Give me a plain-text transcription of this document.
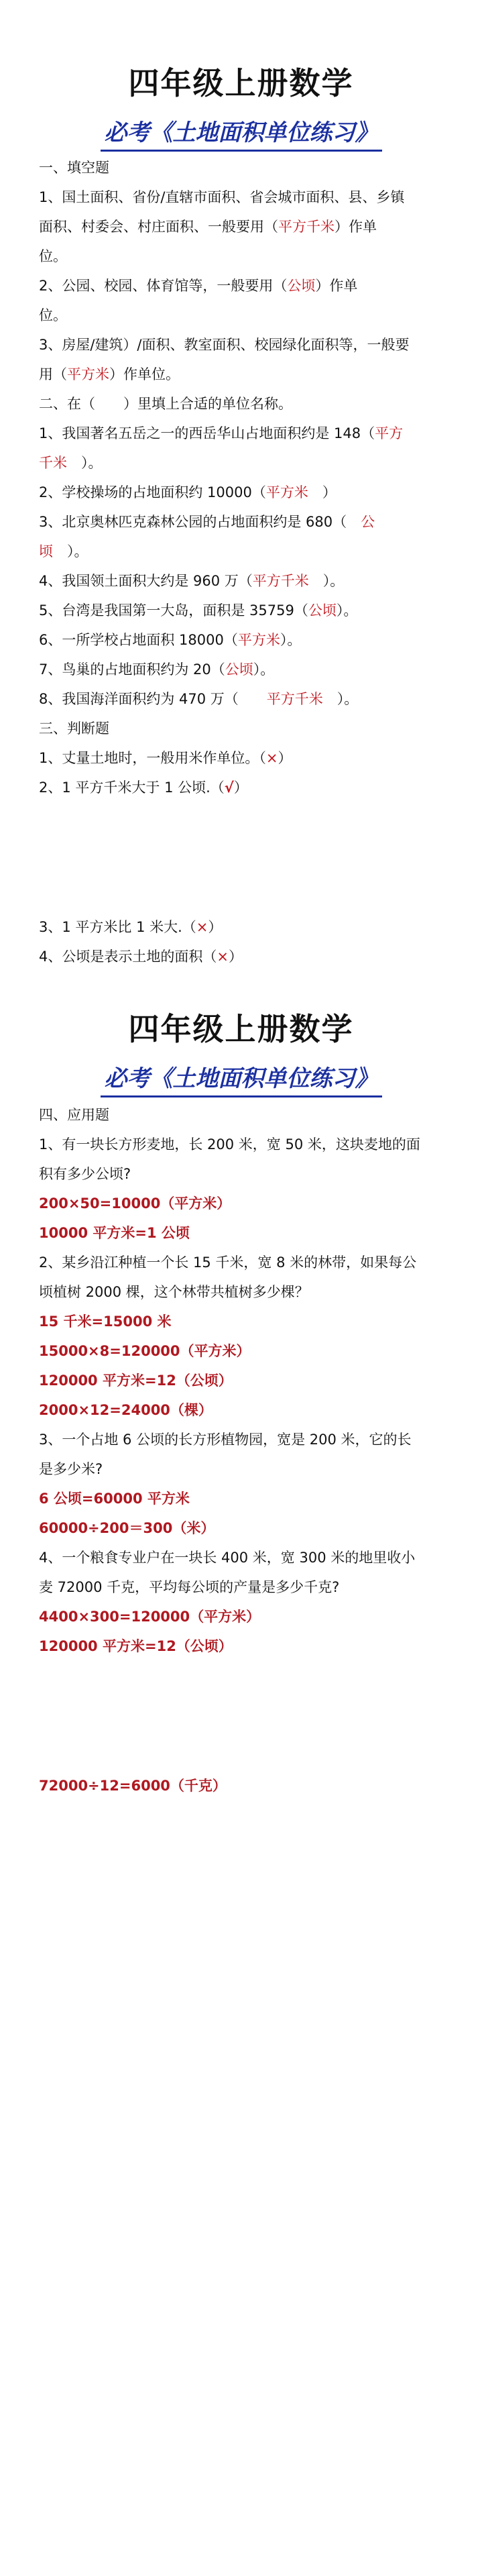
四年级上册数学
必考《土地面积单位练习》
一、填空题
1、国土面积、省份/直辖市面积、省会城市面积、县、乡镇
面积、村委会、村庄面积、一般要用（平方千米）作单
位。
2、公园、校园、体育馆等，一般要用（公顷）作单
位。
3、房屋/建筑）/面积、教室面积、校园绿化面积等，一般要
用（平方米）作单位。
二、在（　　）里填上合适的单位名称。
1、我国著名五岳之一的西岳华山占地面积约是 148（平方
千米　 ）。
2、学校操场的占地面积约 10000（平方米　 ）
3、北京奥林匹克森林公园的占地面积约是 680（　 公
顷　 ）。
4、我国领土面积大约是 960 万（平方千米　 ）。
5、台湾是我国第一大岛，面积是 35759（公顷）。
6、一所学校占地面积 18000（平方米）。
7、鸟巢的占地面积约为 20（公顷）。
8、我国海洋面积约为 470 万（　　 平方千米　 ）。
三、判断题
1、丈量土地时，一般用米作单位。（×）
2、1 平方千米大于 1 公顷.（√）
3、1 平方米比 1 米大.（×）
4、公顷是表示土地的面积（×）
四年级上册数学
必考《土地面积单位练习》
四、应用题
1、有一块长方形麦地，长 200 米，宽 50 米，这块麦地的面
积有多少公顷?
200×50=10000（平方米）
10000 平方米=1 公顷
2、某乡沿江种植一个长 15 千米，宽 8 米的林带，如果每公
顷植树 2000 棵，这个林带共植树多少棵？
15 千米=15000 米
15000×8=120000（平方米）
120000 平方米=12（公顷）
2000×12=24000（棵）
3、一个占地 6 公顷的长方形植物园，宽是 200 米，它的长
是多少米?
6 公顷=60000 平方米
60000÷200＝300（米）
4、一个粮食专业户在一块长 400 米，宽 300 米的地里收小
麦 72000 千克，平均每公顷的产量是多少千克?
4400×300=120000（平方米）
120000 平方米=12（公顷）
72000÷12=6000（千克）
